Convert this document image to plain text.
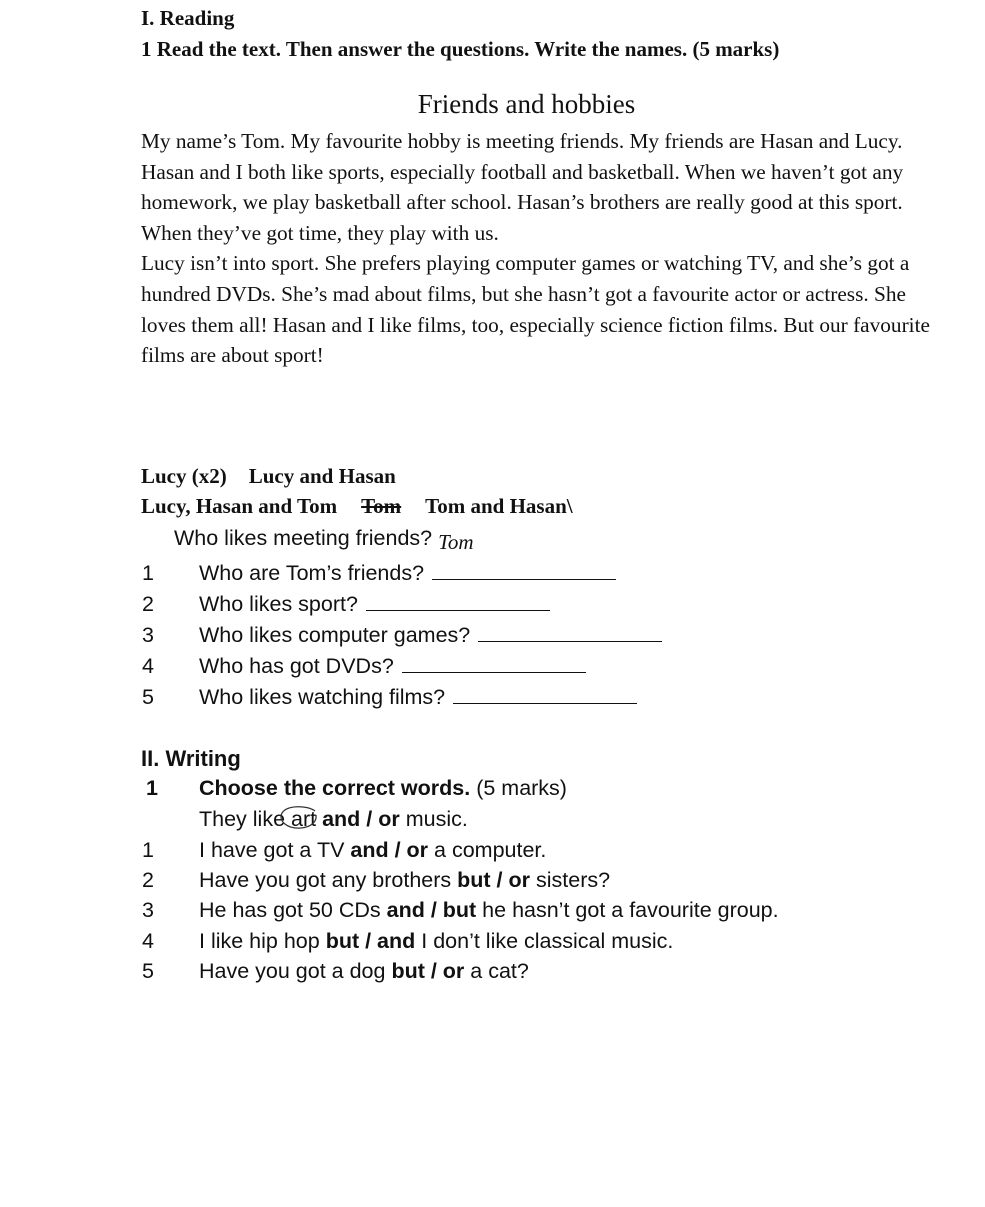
I. Reading
1 Read the text. Then answer the questions. Write the names. (5 marks)
Friends and hobbies

My name’s Tom. My favourite hobby is meeting friends. My friends are Hasan and Lucy.

Hasan and I both like sports, especially football and basketball. When we haven’t got any homework, we play basketball after school. Hasan’s brothers are really good at this sport. When they’ve got time, they play with us.

Lucy isn’t into sport. She prefers playing computer games or watching TV, and she’s got a hundred DVDs. She’s mad about films, but she hasn’t got a favourite actor or actress. She loves them all! Hasan and I like films, too, especially science fiction films. But our favourite films are about sport!

Lucy (x2) Lucy and Hasan
Lucy, Hasan and Tom Tom Tom and Hasan\
Who likes meeting friends? Tom
1 Who are Tom’s friends?
2 Who likes sport?
3 Who likes computer games?
4 Who has got DVDs?
5 Who likes watching films?
II. Writing
1 Choose the correct words. (5 marks)
They like art and / or music.
1 I have got a TV and / or a computer.
2 Have you got any brothers but / or sisters?
3 He has got 50 CDs and / but he hasn’t got a favourite group.
4 I like hip hop but / and I don’t like classical music.
5 Have you got a dog but / or a cat?
